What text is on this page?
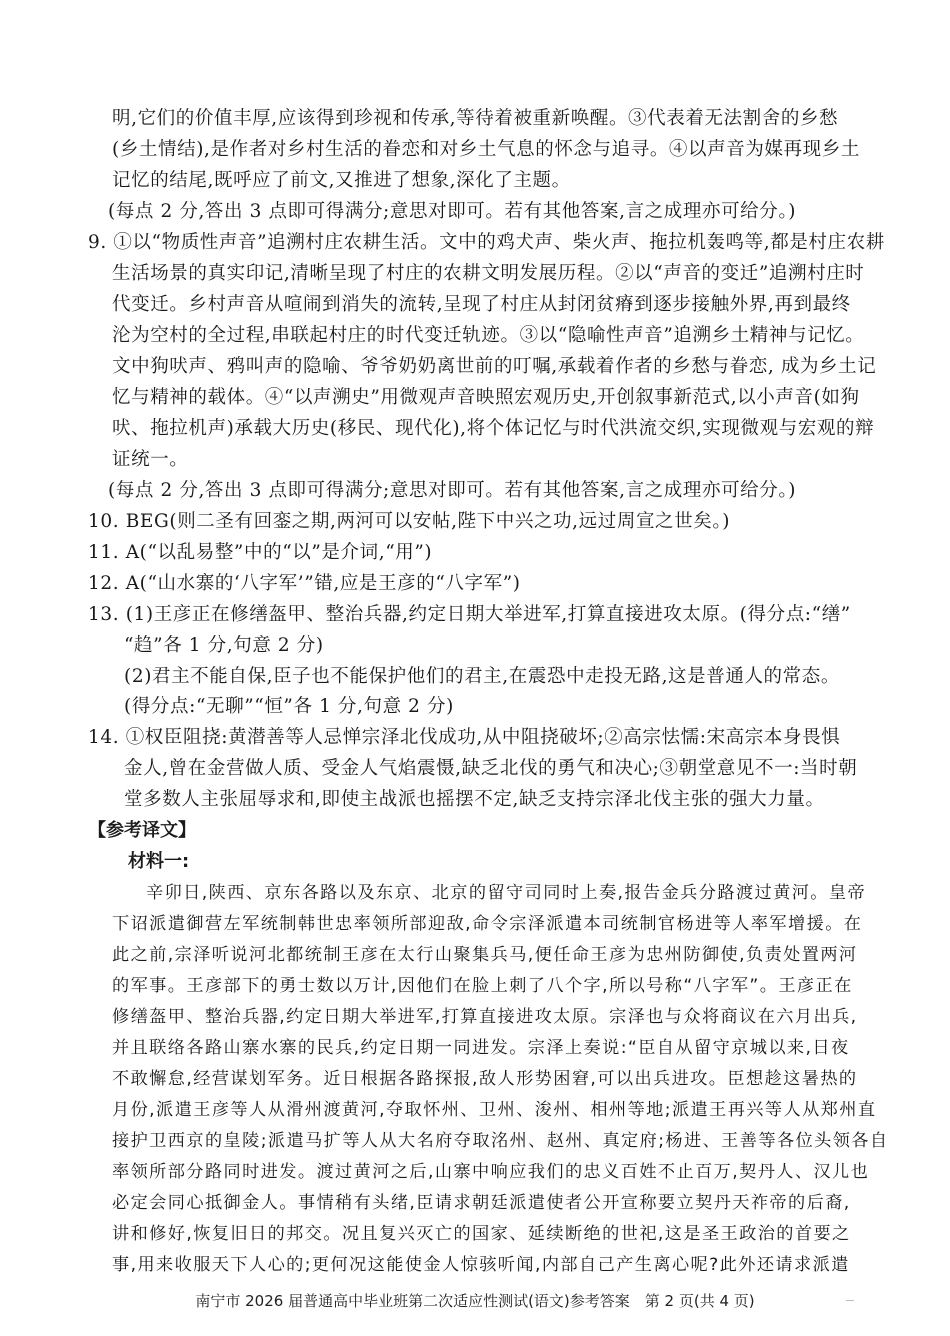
明,它们的价值丰厚,应该得到珍视和传承,等待着被重新唤醒。③代表着无法割舍的乡愁
(乡土情结),是作者对乡村生活的眷恋和对乡土气息的怀念与追寻。④以声音为媒再现乡土
记忆的结尾,既呼应了前文,又推进了想象,深化了主题。
(每点 2 分,答出 3 点即可得满分;意思对即可。若有其他答案,言之成理亦可给分。)
9. ①以“物质性声音”追溯村庄农耕生活。文中的鸡犬声、柴火声、拖拉机轰鸣等,都是村庄农耕
生活场景的真实印记,清晰呈现了村庄的农耕文明发展历程。②以“声音的变迁”追溯村庄时
代变迁。乡村声音从喧闹到消失的流转,呈现了村庄从封闭贫瘠到逐步接触外界,再到最终
沦为空村的全过程,串联起村庄的时代变迁轨迹。③以“隐喻性声音”追溯乡土精神与记忆。
文中狗吠声、鸦叫声的隐喻、爷爷奶奶离世前的叮嘱,承载着作者的乡愁与眷恋, 成为乡土记
忆与精神的载体。④“以声溯史”用微观声音映照宏观历史,开创叙事新范式,以小声音(如狗
吠、拖拉机声)承载大历史(移民、现代化),将个体记忆与时代洪流交织,实现微观与宏观的辩
证统一。
(每点 2 分,答出 3 点即可得满分;意思对即可。若有其他答案,言之成理亦可给分。)
10. BEG(则二圣有回銮之期,两河可以安帖,陛下中兴之功,远过周宣之世矣。)
11. A(“以乱易整”中的“以”是介词,“用”)
12. A(“山水寨的‘八字军’”错,应是王彦的“八字军”)
13. (1)王彦正在修缮盔甲、整治兵器,约定日期大举进军,打算直接进攻太原。(得分点:“缮”
“趋”各 1 分,句意 2 分)
(2)君主不能自保,臣子也不能保护他们的君主,在震恐中走投无路,这是普通人的常态。
(得分点:“无聊”“恒”各 1 分,句意 2 分)
14. ①权臣阻挠:黄潜善等人忌惮宗泽北伐成功,从中阻挠破坏;②高宗怯懦:宋高宗本身畏惧
金人,曾在金营做人质、受金人气焰震慑,缺乏北伐的勇气和决心;③朝堂意见不一:当时朝
堂多数人主张屈辱求和,即使主战派也摇摆不定,缺乏支持宗泽北伐主张的强大力量。
【参考译文】
材料一:
辛卯日,陕西、京东各路以及东京、北京的留守司同时上奏,报告金兵分路渡过黄河。皇帝
下诏派遣御营左军统制韩世忠率领所部迎敌,命令宗泽派遣本司统制官杨进等人率军增援。在
此之前,宗泽听说河北都统制王彦在太行山聚集兵马,便任命王彦为忠州防御使,负责处置两河
的军事。王彦部下的勇士数以万计,因他们在脸上刺了八个字,所以号称“八字军”。王彦正在
修缮盔甲、整治兵器,约定日期大举进军,打算直接进攻太原。宗泽也与众将商议在六月出兵,
并且联络各路山寨水寨的民兵,约定日期一同进发。宗泽上奏说:“臣自从留守京城以来,日夜
不敢懈怠,经营谋划军务。近日根据各路探报,敌人形势困窘,可以出兵进攻。臣想趁这暑热的
月份,派遣王彦等人从滑州渡黄河,夺取怀州、卫州、浚州、相州等地;派遣王再兴等人从郑州直
接护卫西京的皇陵;派遣马扩等人从大名府夺取洺州、赵州、真定府;杨进、王善等各位头领各自
率领所部分路同时进发。渡过黄河之后,山寨中响应我们的忠义百姓不止百万,契丹人、汉儿也
必定会同心抵御金人。事情稍有头绪,臣请求朝廷派遣使者公开宣称要立契丹天祚帝的后裔,
讲和修好,恢复旧日的邦交。况且复兴灭亡的国家、延续断绝的世祀,这是圣王政治的首要之
事,用来收服天下人心的;更何况这能使金人惊骇听闻,内部自己产生离心呢?此外还请求派遣
南宁市 2026 届普通高中毕业班第二次适应性测试(语文)参考答案　第 2 页(共 4 页)
